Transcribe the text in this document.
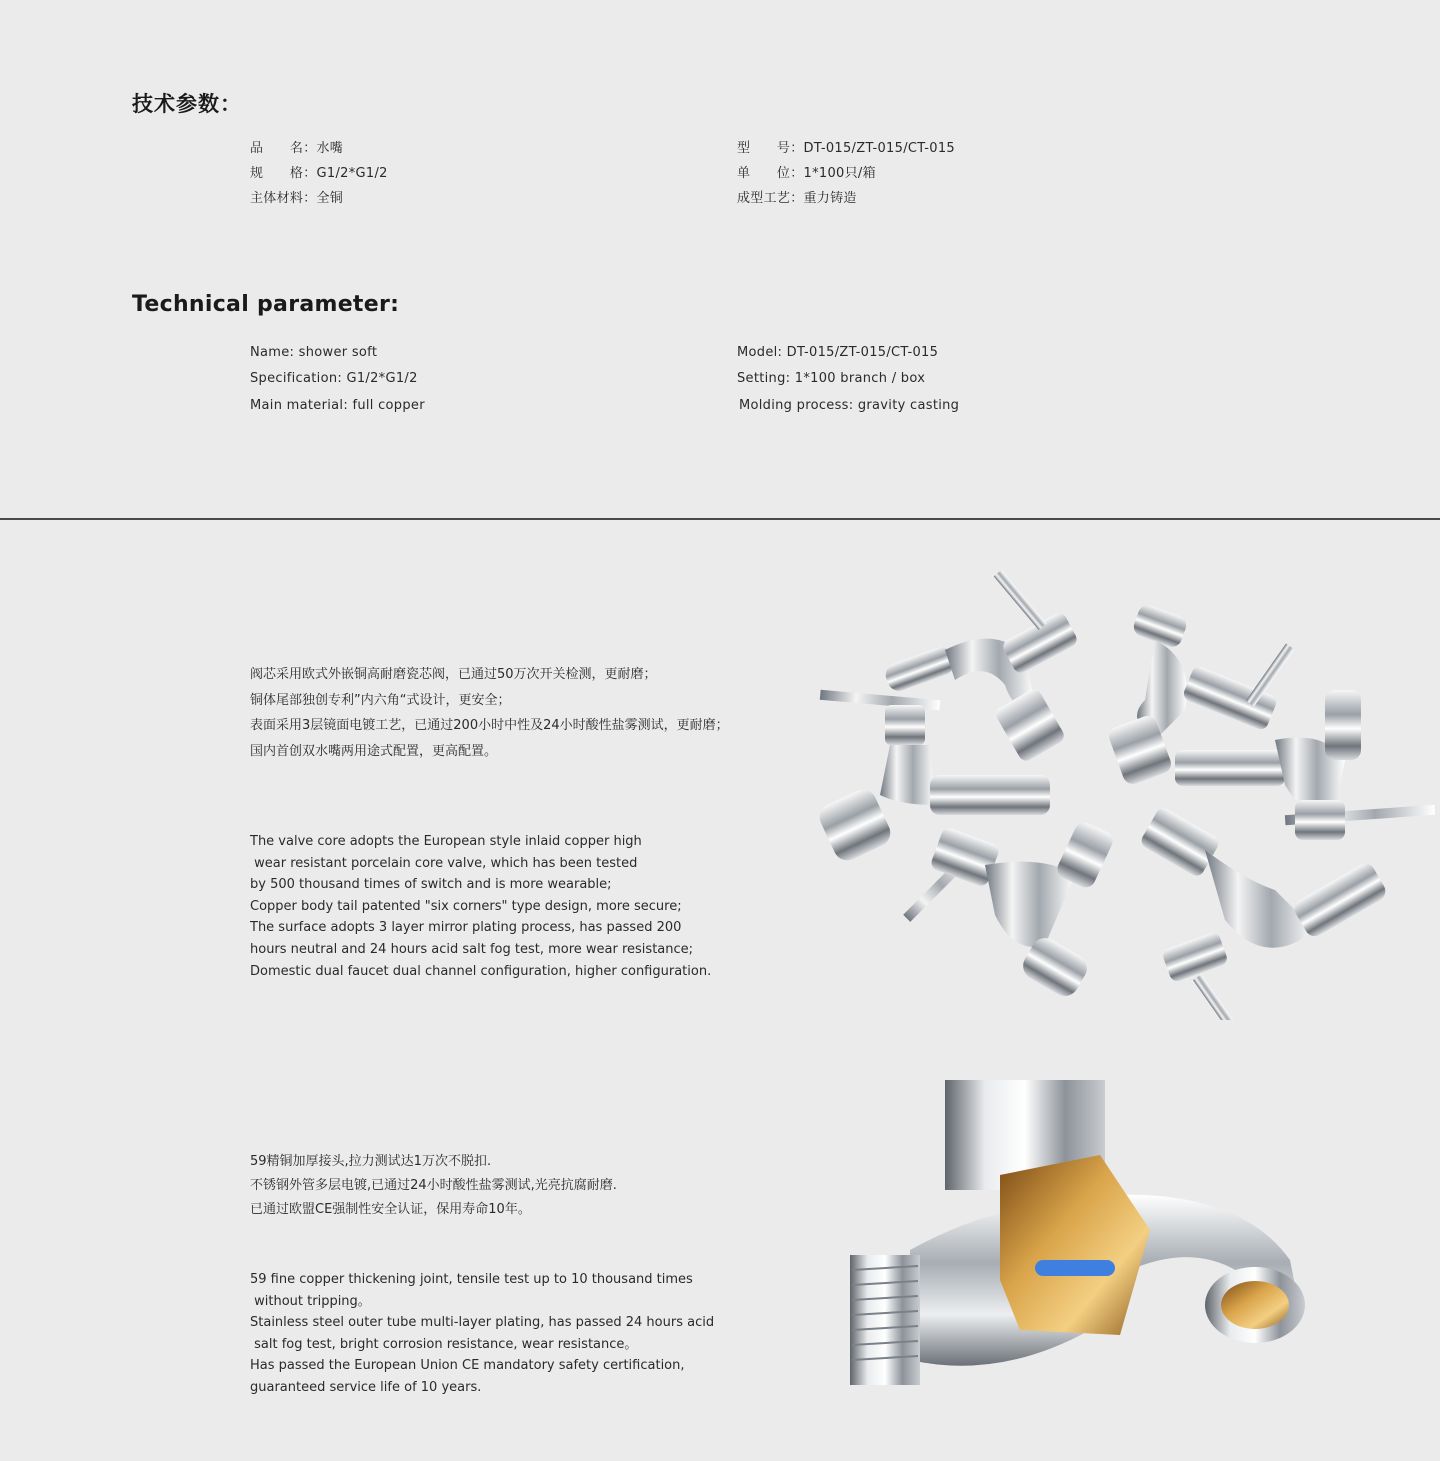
技术参数：
品　　名：水嘴
规　　格：G1/2*G1/2
主体材料：全铜
型　　号：DT-015/ZT-015/CT-015
单　　位：1*100只/箱
成型工艺：重力铸造
Technical parameter:
Name: shower soft
Specification: G1/2*G1/2
Main material: full copper
Model: DT-015/ZT-015/CT-015
Setting: 1*100 branch / box
Molding process: gravity casting
阀芯采用欧式外嵌铜高耐磨瓷芯阀，已通过50万次开关检测，更耐磨；
铜体尾部独创专利”内六角“式设计，更安全；
表面采用3层镜面电镀工艺，已通过200小时中性及24小时酸性盐雾测试，更耐磨；
国内首创双水嘴两用途式配置，更高配置。
The valve core adopts the European style inlaid copper high
wear resistant porcelain core valve, which has been tested
by 500 thousand times of switch and is more wearable;
Copper body tail patented "six corners" type design, more secure;
The surface adopts 3 layer mirror plating process, has passed 200
hours neutral and 24 hours acid salt fog test, more wear resistance;
Domestic dual faucet dual channel configuration, higher configuration.
59精铜加厚接头,拉力测试达1万次不脱扣.
不锈钢外管多层电镀,已通过24小时酸性盐雾测试,光亮抗腐耐磨.
已通过欧盟CE强制性安全认证，保用寿命10年。
59 fine copper thickening joint, tensile test up to 10 thousand times
without tripping。
Stainless steel outer tube multi-layer plating, has passed 24 hours acid
salt fog test, bright corrosion resistance, wear resistance。
Has passed the European Union CE mandatory safety certification,
guaranteed service life of 10 years.
